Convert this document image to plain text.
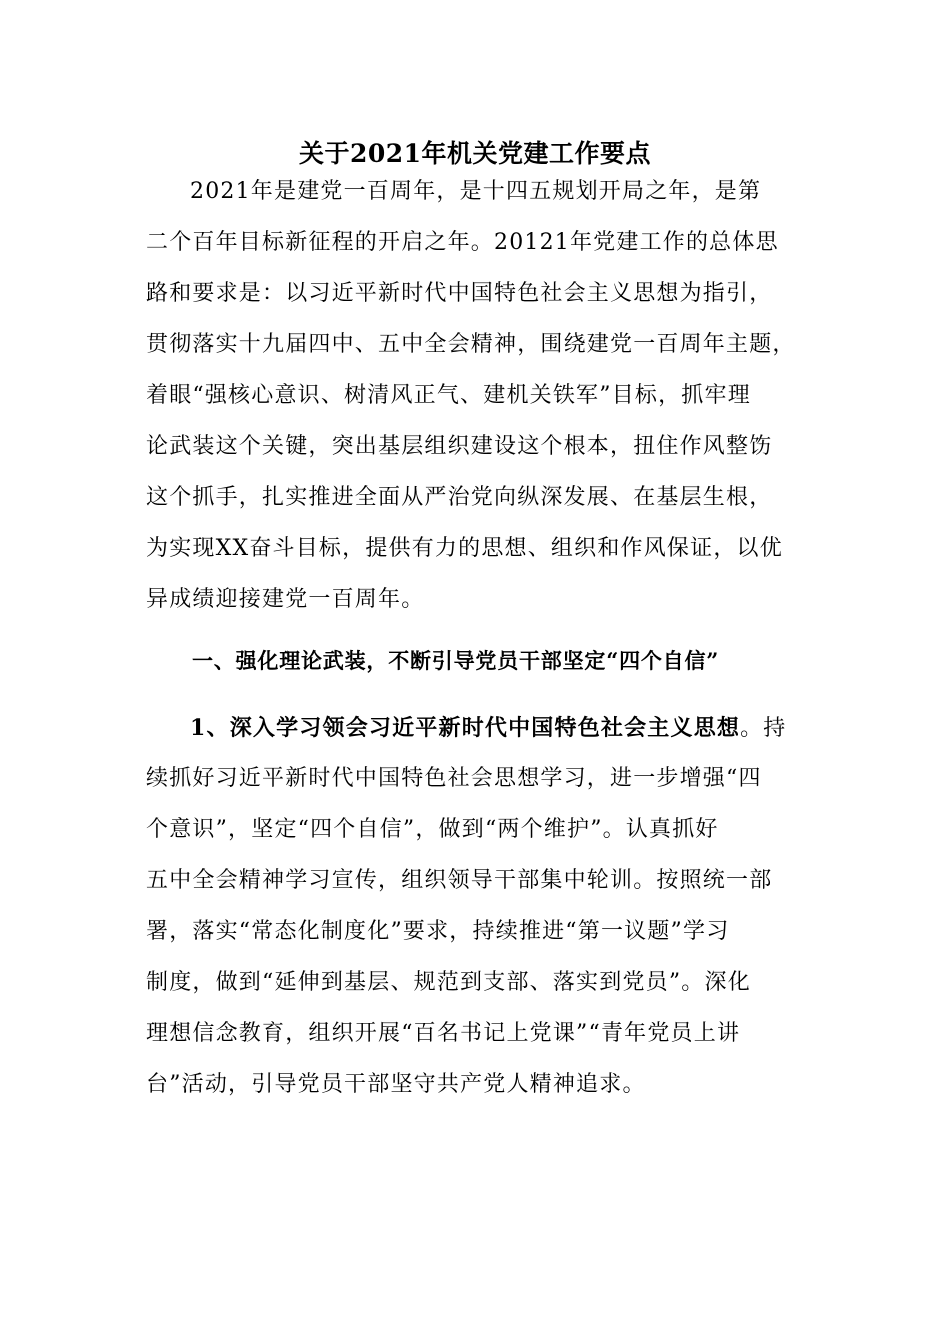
关于2021年机关党建工作要点
2021年是建党一百周年，是十四五规划开局之年，是第
二个百年目标新征程的开启之年。20121年党建工作的总体思
路和要求是：以习近平新时代中国特色社会主义思想为指引，
贯彻落实十九届四中、五中全会精神，围绕建党一百周年主题，
着眼“强核心意识、树清风正气、建机关铁军”目标，抓牢理
论武装这个关键，突出基层组织建设这个根本，扭住作风整饬
这个抓手，扎实推进全面从严治党向纵深发展、在基层生根，
为实现XX奋斗目标，提供有力的思想、组织和作风保证，以优
异成绩迎接建党一百周年。
一、强化理论武装，不断引导党员干部坚定“四个自信”
1、深入学习领会习近平新时代中国特色社会主义思想。持
续抓好习近平新时代中国特色社会思想学习，进一步增强“四
个意识”，坚定“四个自信”，做到“两个维护”。认真抓好
五中全会精神学习宣传，组织领导干部集中轮训。按照统一部
署，落实“常态化制度化”要求，持续推进“第一议题”学习
制度，做到“延伸到基层、规范到支部、落实到党员”。深化
理想信念教育，组织开展“百名书记上党课”“青年党员上讲
台”活动，引导党员干部坚守共产党人精神追求。
